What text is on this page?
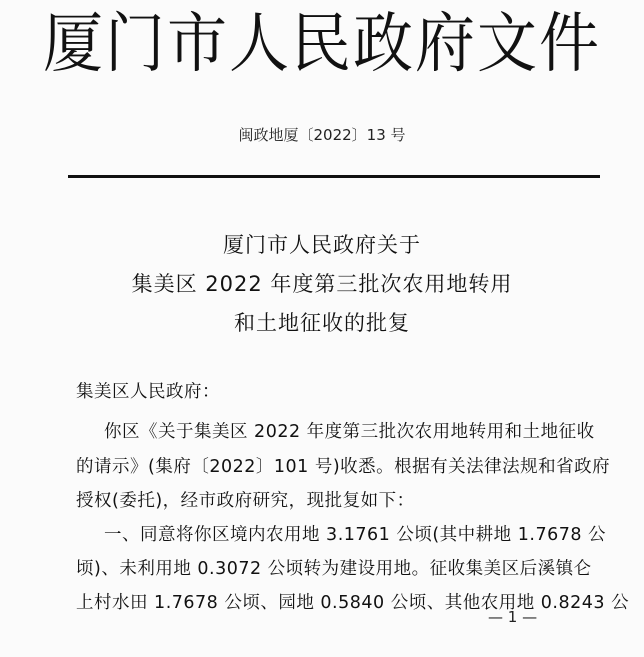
厦门市人民政府文件
闽政地厦〔2022〕13 号
厦门市人民政府关于
集美区 2022 年度第三批次农用地转用
和土地征收的批复
集美区人民政府：
你区《关于集美区 2022 年度第三批次农用地转用和土地征收
的请示》(集府〔2022〕101 号)收悉。根据有关法律法规和省政府
授权(委托)，经市政府研究，现批复如下：
一、同意将你区境内农用地 3.1761 公顷(其中耕地 1.7678 公
顷)、未利用地 0.3072 公顷转为建设用地。征收集美区后溪镇仑
上村水田 1.7678 公顷、园地 0.5840 公顷、其他农用地 0.8243 公
— 1 —
